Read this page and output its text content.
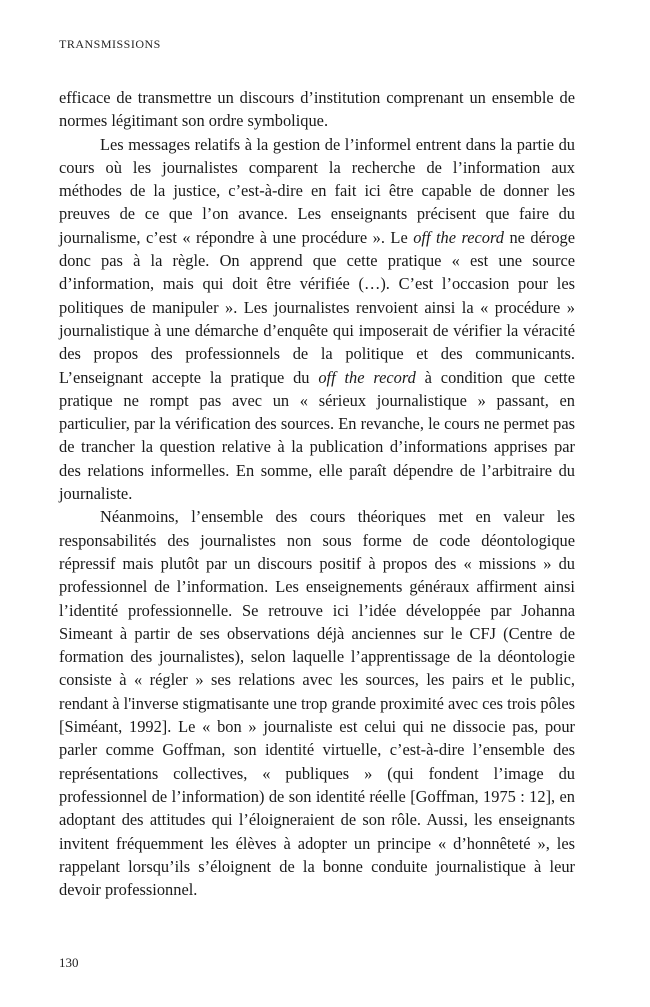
TRANSMISSIONS

efficace de transmettre un discours d’institution comprenant un ensemble de normes légitimant son ordre symbolique.

Les messages relatifs à la gestion de l’informel entrent dans la partie du cours où les journalistes comparent la recherche de l’information aux méthodes de la justice, c’est-à-dire en fait ici être capable de donner les preuves de ce que l’on avance. Les enseignants précisent que faire du journalisme, c’est « répondre à une procédure ». Le off the record ne déroge donc pas à la règle. On apprend que cette pratique « est une source d’information, mais qui doit être vérifiée (…). C’est l’occasion pour les politiques de manipuler ». Les journalistes renvoient ainsi la « procédure » journalistique à une démarche d’enquête qui imposerait de vérifier la véracité des propos des professionnels de la politique et des communicants. L’enseignant accepte la pratique du off the record à condition que cette pratique ne rompt pas avec un « sérieux journalistique » passant, en particulier, par la vérification des sources. En revanche, le cours ne permet pas de trancher la question relative à la publication d’informations apprises par des relations informelles. En somme, elle paraît dépendre de l’arbitraire du journaliste.

Néanmoins, l’ensemble des cours théoriques met en valeur les responsabilités des journalistes non sous forme de code déontologique répressif mais plutôt par un discours positif à propos des « missions » du professionnel de l’information. Les enseignements généraux affirment ainsi l’identité professionnelle. Se retrouve ici l’idée développée par Johanna Simeant à partir de ses observations déjà anciennes sur le CFJ (Centre de formation des journalistes), selon laquelle l’apprentissage de la déontologie consiste à « régler » ses relations avec les sources, les pairs et le public, rendant à l'inverse stigmatisante une trop grande proximité avec ces trois pôles [Siméant, 1992]. Le « bon » journaliste est celui qui ne dissocie pas, pour parler comme Goffman, son identité virtuelle, c’est-à-dire l’ensemble des représentations collectives, « publiques » (qui fondent l’image du professionnel de l’information) de son identité réelle [Goffman, 1975 : 12], en adoptant des attitudes qui l’éloigneraient de son rôle. Aussi, les enseignants invitent fréquemment les élèves à adopter un principe « d’honnêteté », les rappelant lorsqu’ils s’éloignent de la bonne conduite journalistique à leur devoir professionnel.

130
